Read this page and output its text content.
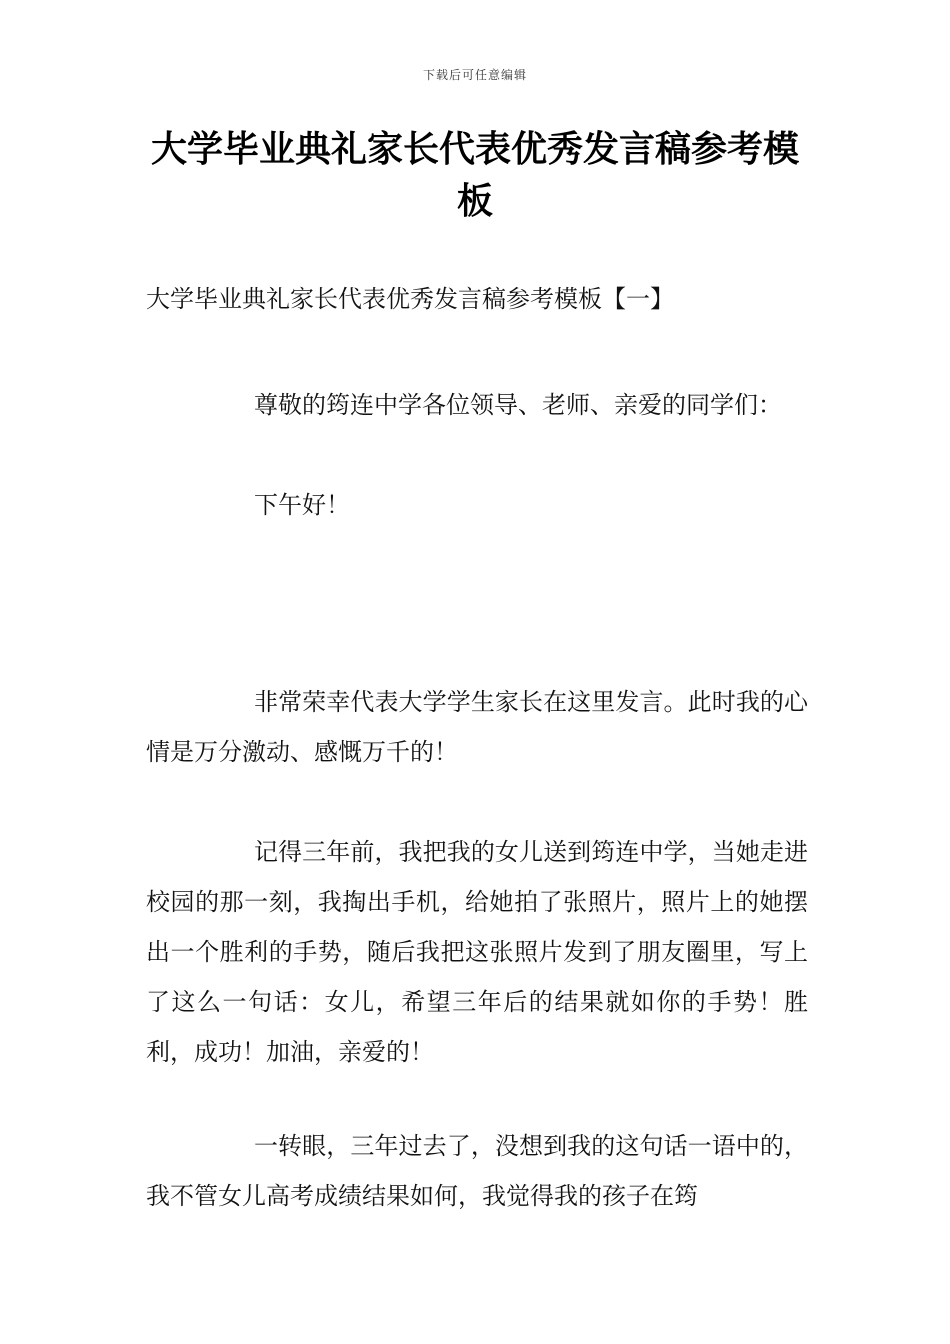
下载后可任意编辑
大学毕业典礼家长代表优秀发言稿参考模板
大学毕业典礼家长代表优秀发言稿参考模板【一】

尊敬的筠连中学各位领导、老师、亲爱的同学们：

下午好！

非常荣幸代表大学学生家长在这里发言。此时我的心情是万分激动、感慨万千的！

记得三年前，我把我的女儿送到筠连中学，当她走进校园的那一刻，我掏出手机，给她拍了张照片，照片上的她摆出一个胜利的手势，随后我把这张照片发到了朋友圈里，写上了这么一句话：女儿，希望三年后的结果就如你的手势！胜利，成功！加油，亲爱的！

一转眼，三年过去了，没想到我的这句话一语中的，我不管女儿高考成绩结果如何，我觉得我的孩子在筠
